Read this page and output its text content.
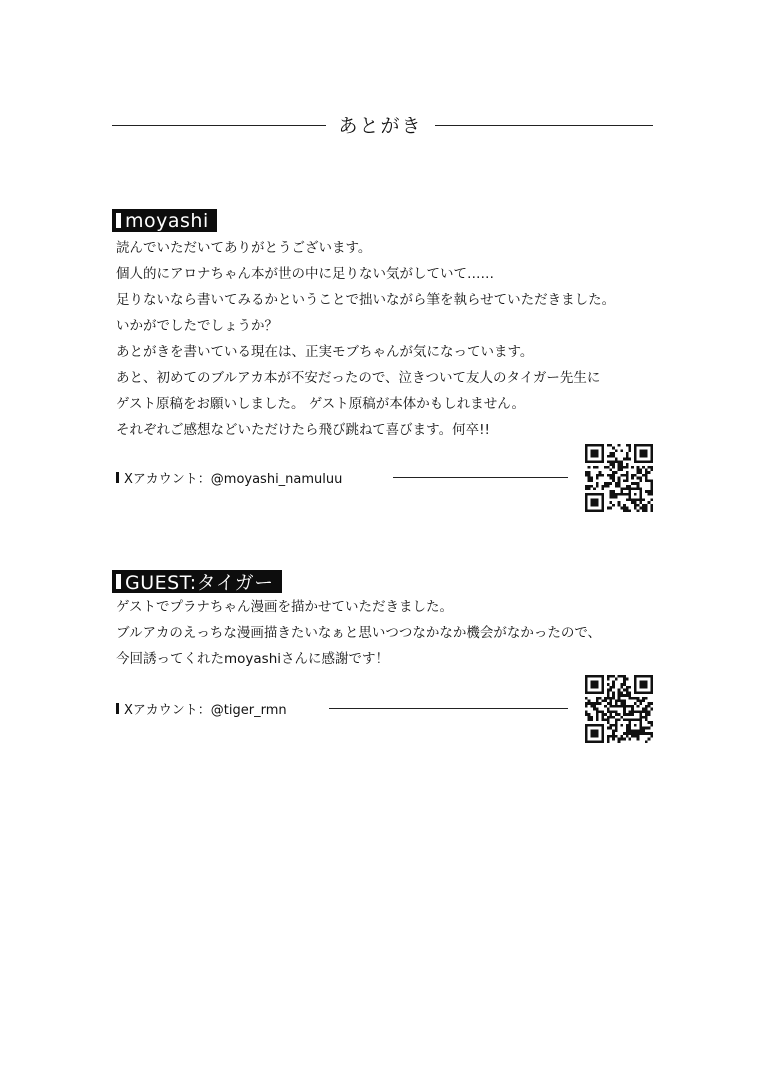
あとがき
moyashi
読んでいただいてありがとうございます。
個人的にアロナちゃん本が世の中に足りない気がしていて……
足りないなら書いてみるかということで拙いながら筆を執らせていただきました。
いかがでしたでしょうか？
あとがきを書いている現在は、正実モブちゃんが気になっています。
あと、初めてのブルアカ本が不安だったので、泣きついて友人のタイガー先生に
ゲスト原稿をお願いしました。 ゲスト原稿が本体かもしれません。
それぞれご感想などいただけたら飛び跳ねて喜びます。何卒!!
Xアカウント：@moyashi_namuluu
GUEST:タイガー
ゲストでプラナちゃん漫画を描かせていただきました。
ブルアカのえっちな漫画描きたいなぁと思いつつなかなか機会がなかったので、
今回誘ってくれたmoyashiさんに感謝です！
Xアカウント：@tiger_rmn
